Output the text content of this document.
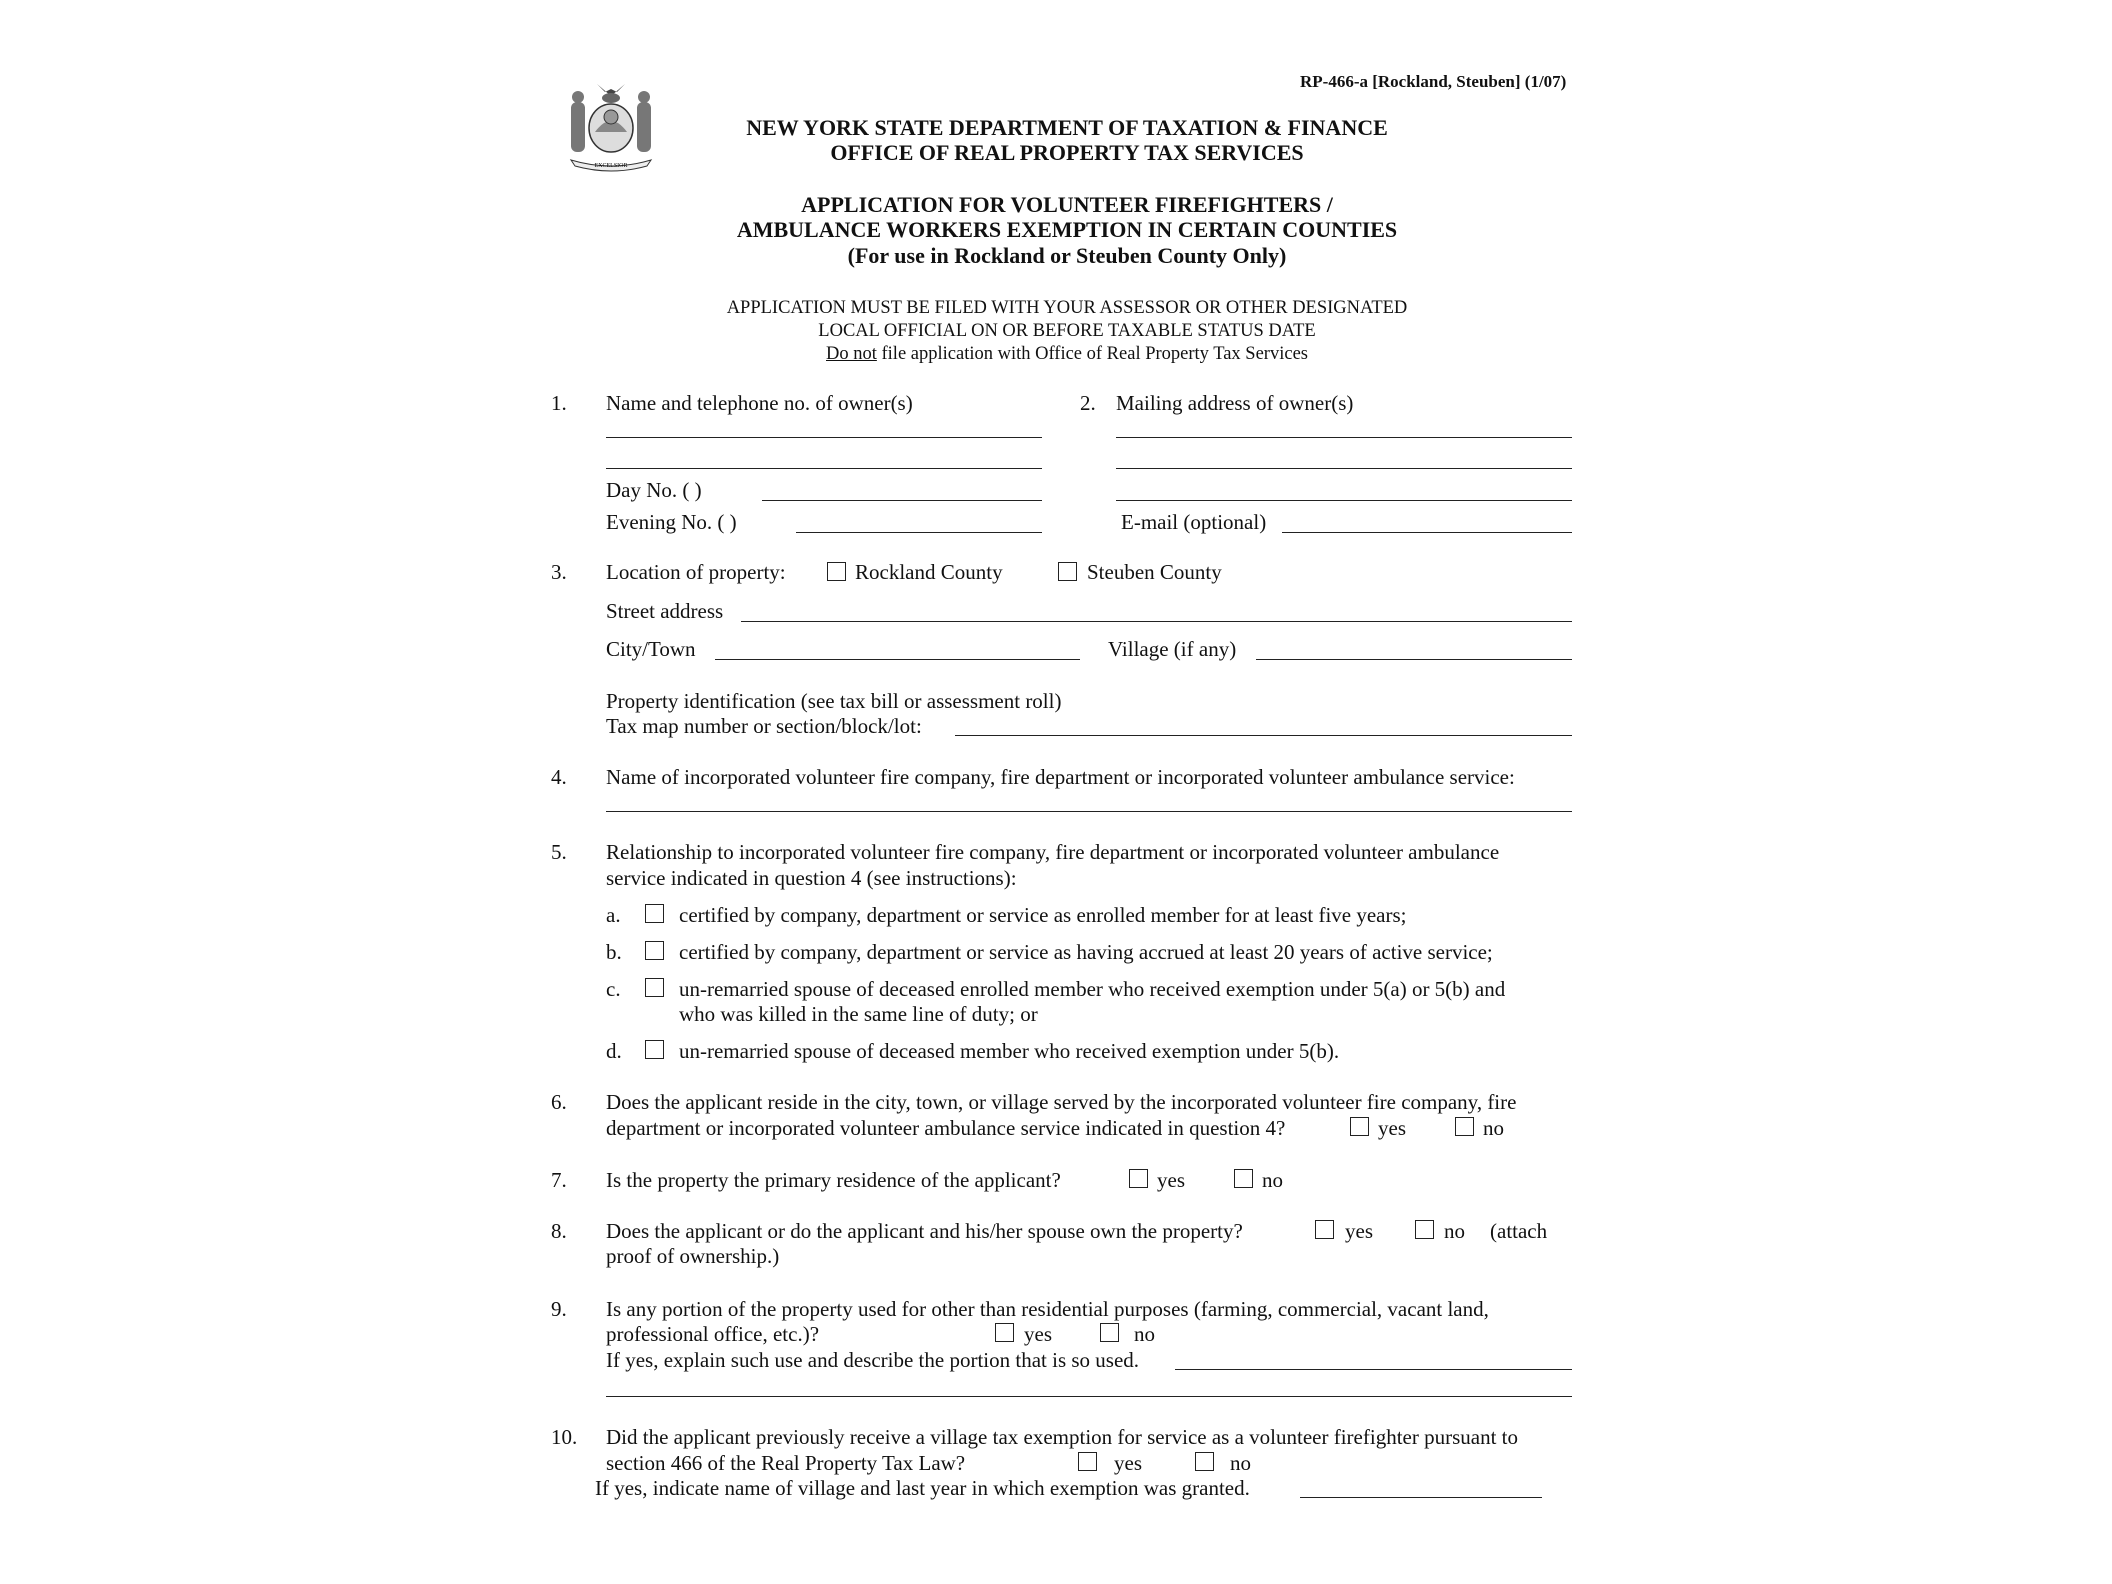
RP-466-a [Rockland, Steuben] (1/07)
EXCELSIOR
NEW YORK STATE DEPARTMENT OF TAXATION & FINANCE
OFFICE OF REAL PROPERTY TAX SERVICES
APPLICATION FOR VOLUNTEER FIREFIGHTERS /
AMBULANCE WORKERS EXEMPTION IN CERTAIN COUNTIES
(For use in Rockland or Steuben County Only)
APPLICATION MUST BE FILED WITH YOUR ASSESSOR OR OTHER DESIGNATED
LOCAL OFFICIAL ON OR BEFORE TAXABLE STATUS DATE
Do not file application with Office of Real Property Tax Services
1. Name and telephone no. of owner(s)
Day No. ( )
Evening No. ( )
2. Mailing address of owner(s)
E-mail (optional)
3. Location of property:	Rockland County	Steuben County
Street address
City/Town	Village (if any)
Property identification (see tax bill or assessment roll)
Tax map number or section/block/lot:
4. Name of incorporated volunteer fire company, fire department or incorporated volunteer ambulance service:
5. Relationship to incorporated volunteer fire company, fire department or incorporated volunteer ambulance
service indicated in question 4 (see instructions):
a.	certified by company, department or service as enrolled member for at least five years;
b.	certified by company, department or service as having accrued at least 20 years of active service;
c.	un-remarried spouse of deceased enrolled member who received exemption under 5(a) or 5(b) and
who was killed in the same line of duty; or
d.	un-remarried spouse of deceased member who received exemption under 5(b).
6. Does the applicant reside in the city, town, or village served by the incorporated volunteer fire company, fire
department or incorporated volunteer ambulance service indicated in question 4?	yes	no
7. Is the property the primary residence of the applicant?	yes	no
8. Does the applicant or do the applicant and his/her spouse own the property?	yes	no (attach
proof of ownership.)
9. Is any portion of the property used for other than residential purposes (farming, commercial, vacant land,
professional office, etc.)?	yes	no
If yes, explain such use and describe the portion that is so used.
10. Did the applicant previously receive a village tax exemption for service as a volunteer firefighter pursuant to
section 466 of the Real Property Tax Law?	yes	no
If yes, indicate name of village and last year in which exemption was granted.
